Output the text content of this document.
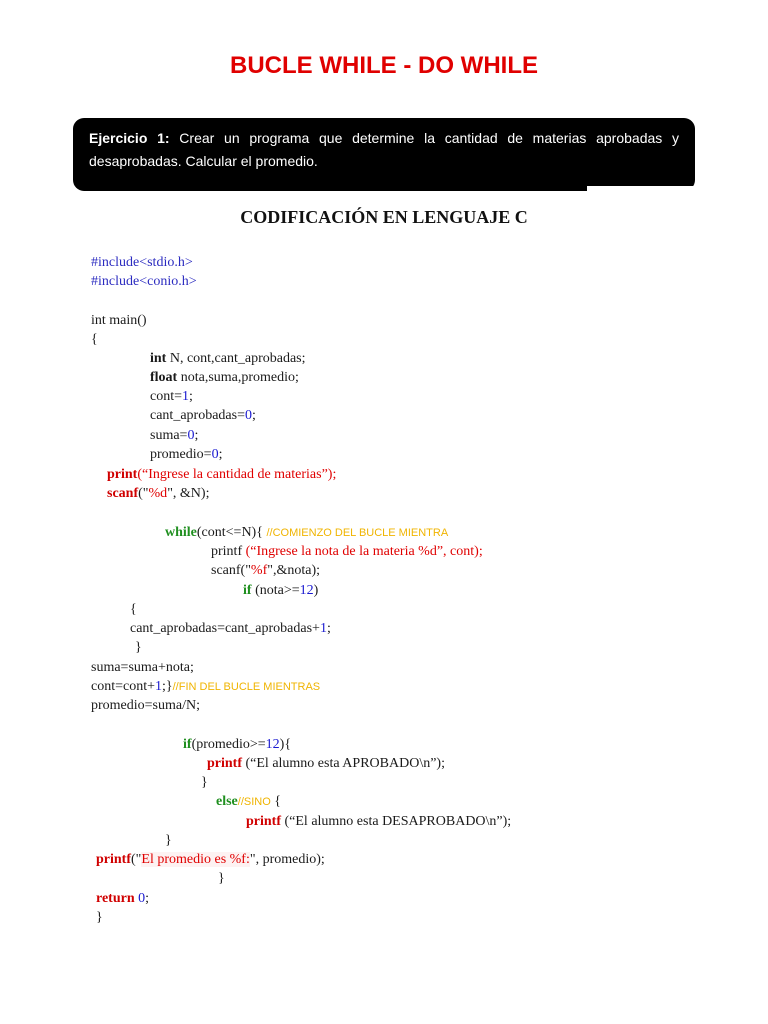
BUCLE WHILE - DO WHILE
Ejercicio 1: Crear un programa que determine la cantidad de materias aprobadas y desaprobadas. Calcular el promedio.
CODIFICACIÓN EN LENGUAJE C
#include<stdio.h>
#include<conio.h>
int main()
{
int N, cont,cant_aprobadas;
float nota,suma,promedio;
cont=1;
cant_aprobadas=0;
suma=0;
promedio=0;
print(“Ingrese la cantidad de materias”);
scanf("%d", &N);
while(cont<=N){ //COMIENZO DEL BUCLE MIENTRA
printf (“Ingrese la nota de la materia %d”, cont);
scanf("%f",&nota);
if (nota>=12)
{
cant_aprobadas=cant_aprobadas+1;
}
suma=suma+nota;
cont=cont+1;}//FIN DEL BUCLE MIENTRAS
promedio=suma/N;
if(promedio>=12){
printf (“El alumno esta APROBADO\n”);
}
else//SINO {
printf (“El alumno esta DESAPROBADO\n”);
}
printf("El promedio es %f:", promedio);
}
return 0;
}
